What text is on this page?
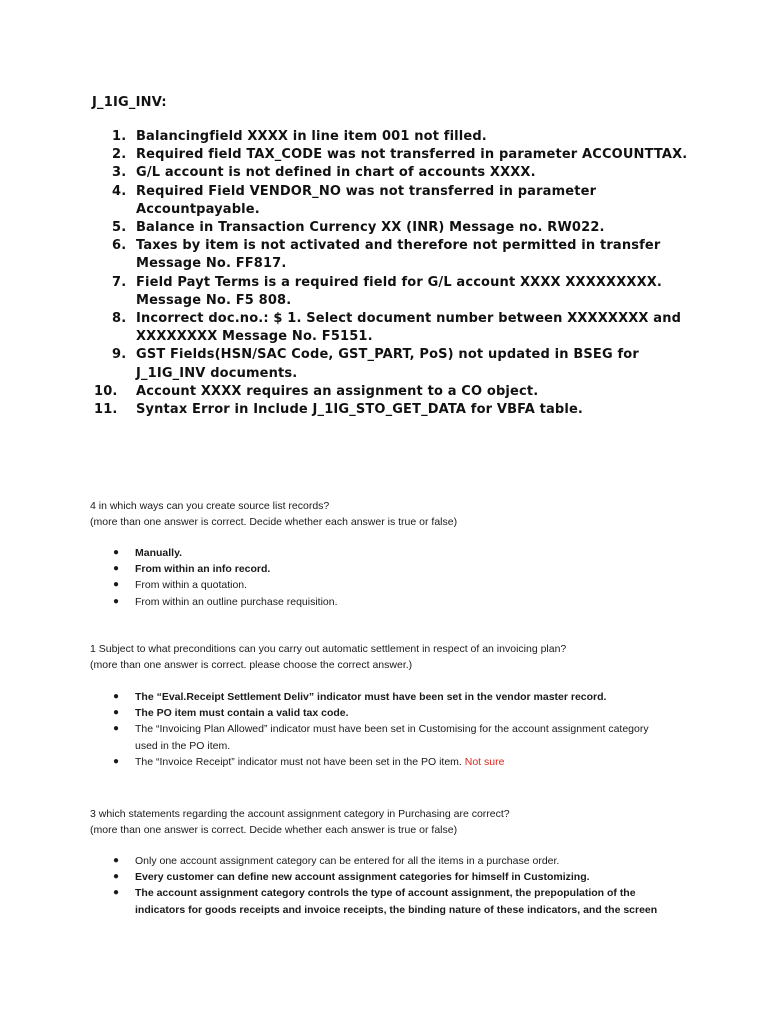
J_1IG_INV:
1. Balancingfield XXXX in line item 001 not filled.
2. Required field TAX_CODE was not transferred in parameter ACCOUNTTAX.
3. G/L account is not defined in chart of accounts XXXX.
4. Required Field VENDOR_NO was not transferred in parameter
Accountpayable.
5. Balance in Transaction Currency XX (INR) Message no. RW022.
6. Taxes by item is not activated and therefore not permitted in transfer
Message No. FF817.
7. Field Payt Terms is a required field for G/L account XXXX XXXXXXXXX.
Message No. F5 808.
8. Incorrect doc.no.: $ 1. Select document number between XXXXXXXX and
XXXXXXXX Message No. F5151.
9. GST Fields(HSN/SAC Code, GST_PART, PoS) not updated in BSEG for
J_1IG_INV documents.
10. Account XXXX requires an assignment to a CO object.
11. Syntax Error in Include J_1IG_STO_GET_DATA for VBFA table.

4 in which ways can you create source list records?

(more than one answer is correct. Decide whether each answer is true or false)

● Manually.
● From within an info record.
● From within a quotation.
● From within an outline purchase requisition.

1 Subject to what preconditions can you carry out automatic settlement in respect of an invoicing plan?

(more than one answer is correct. please choose the correct answer.)

● The “Eval.Receipt Settlement Deliv” indicator must have been set in the vendor master record.
● The PO item must contain a valid tax code.
● The “Invoicing Plan Allowed” indicator must have been set in Customising for the account assignment category used in the PO item.
● The “Invoice Receipt” indicator must not have been set in the PO item. Not sure

3 which statements regarding the account assignment category in Purchasing are correct?

(more than one answer is correct. Decide whether each answer is true or false)

● Only one account assignment category can be entered for all the items in a purchase order.
● Every customer can define new account assignment categories for himself in Customizing.
● The account assignment category controls the type of account assignment, the prepopulation of the indicators for goods receipts and invoice receipts, the binding nature of these indicators, and the screen
